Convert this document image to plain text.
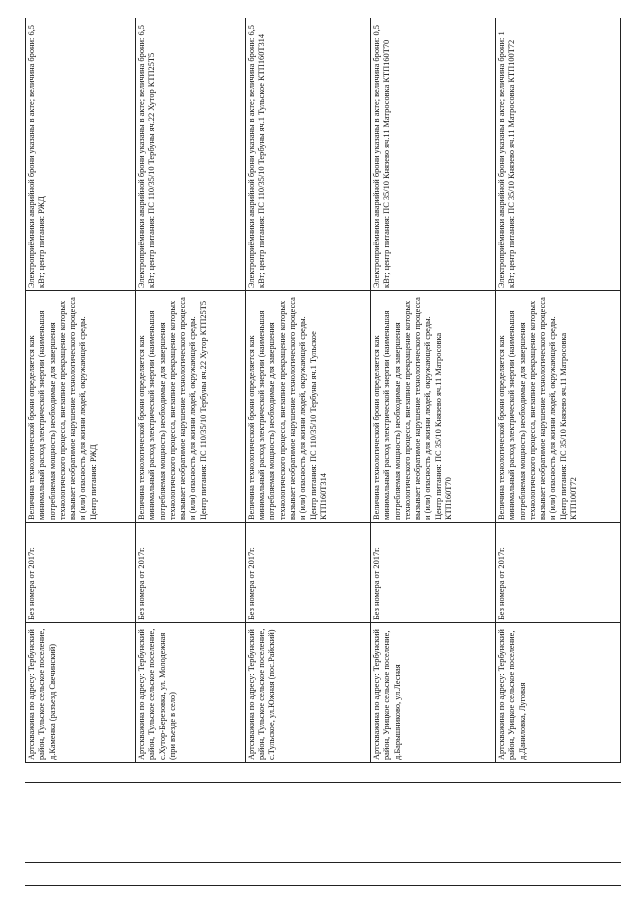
Артскважина по адресу: Тербунский район, Тульское сельское поселение, д.Каменка (разъезд Свечинский)	Без номера от 2017г.	Величина технологической брони определяется как минимальный расход электрической энергии (наименьшая потребляемая мощность) необходимые для завершения технологического процесса, внезапное прекращение которых вызывает необратимое нарушение технологического процесса и (или) опасность для жизни людей, окружающей среды. Центр питания: РЖД	Электроприёмники аварийной брони указаны в акте; величина брони: 6,5 кВт; центр питания: РЖД
Артскважина по адресу: Тербунский район, Тульское сельское поселение, с.Хутор-Березовка, ул. Молодежная (при въезде в село)	Без номера от 2017г.	Величина технологической брони определяется как минимальный расход электрической энергии (наименьшая потребляемая мощность) необходимые для завершения технологического процесса, внезапное прекращение которых вызывает необратимое нарушение технологического процесса и (или) опасность для жизни людей, окружающей среды. Центр питания: ПС 110/35/10 Тербуны яч.22 Хутор КТП25Т5	Электроприёмники аварийной брони указаны в акте; величина брони: 6,5 кВт; центр питания: ПС 110/35/10 Тербуны яч.22 Хутор КТП25Т5
Артскважина по адресу: Тербунский район, Тульское сельское поселение, с.Тульское, ул.Южная (пос.Райский)	Без номера от 2017г.	Величина технологической брони определяется как минимальный расход электрической энергии (наименьшая потребляемая мощность) необходимые для завершения технологического процесса, внезапное прекращение которых вызывает необратимое нарушение технологического процесса и (или) опасность для жизни людей, окружающей среды. Центр питания: ПС 110/35/10 Тербуны яч.1 Тульское КТП160Т314	Электроприёмники аварийной брони указаны в акте; величина брони: 6,5 кВт; центр питания: ПС 110/35/10 Тербуны яч.1 Тульское КТП160Т314
Артскважина по адресу: Тербунский район, Урицкое сельское поселение, д.Барышниково, ул.Лесная	Без номера от 2017г.	Величина технологической брони определяется как минимальный расход электрической энергии (наименьшая потребляемая мощность) необходимые для завершения технологического процесса, внезапное прекращение которых вызывает необратимое нарушение технологического процесса и (или) опасность для жизни людей, окружающей среды. Центр питания: ПС 35/10 Князево яч.11 Матросовка КТП160Т70	Электроприёмники аварийной брони указаны в акте; величина брони: 0,5 кВт; центр питания: ПС 35/10 Князево яч.11 Матросовка КТП160Т70
Артскважина по адресу: Тербунский район, Урицкое сельское поселение, д.Даниловка, Луговая	Без номера от 2017г.	Величина технологической брони определяется как минимальный расход электрической энергии (наименьшая потребляемая мощность) необходимые для завершения технологического процесса, внезапное прекращение которых вызывает необратимое нарушение технологического процесса и (или) опасность для жизни людей, окружающей среды. Центр питания: ПС 35/10 Князево яч.11 Матросовка КТП100Т72	Электроприёмники аварийной брони указаны в акте; величина брони: 1 кВт; центр питания: ПС 35/10 Князево яч.11 Матросовка КТП100Т72
